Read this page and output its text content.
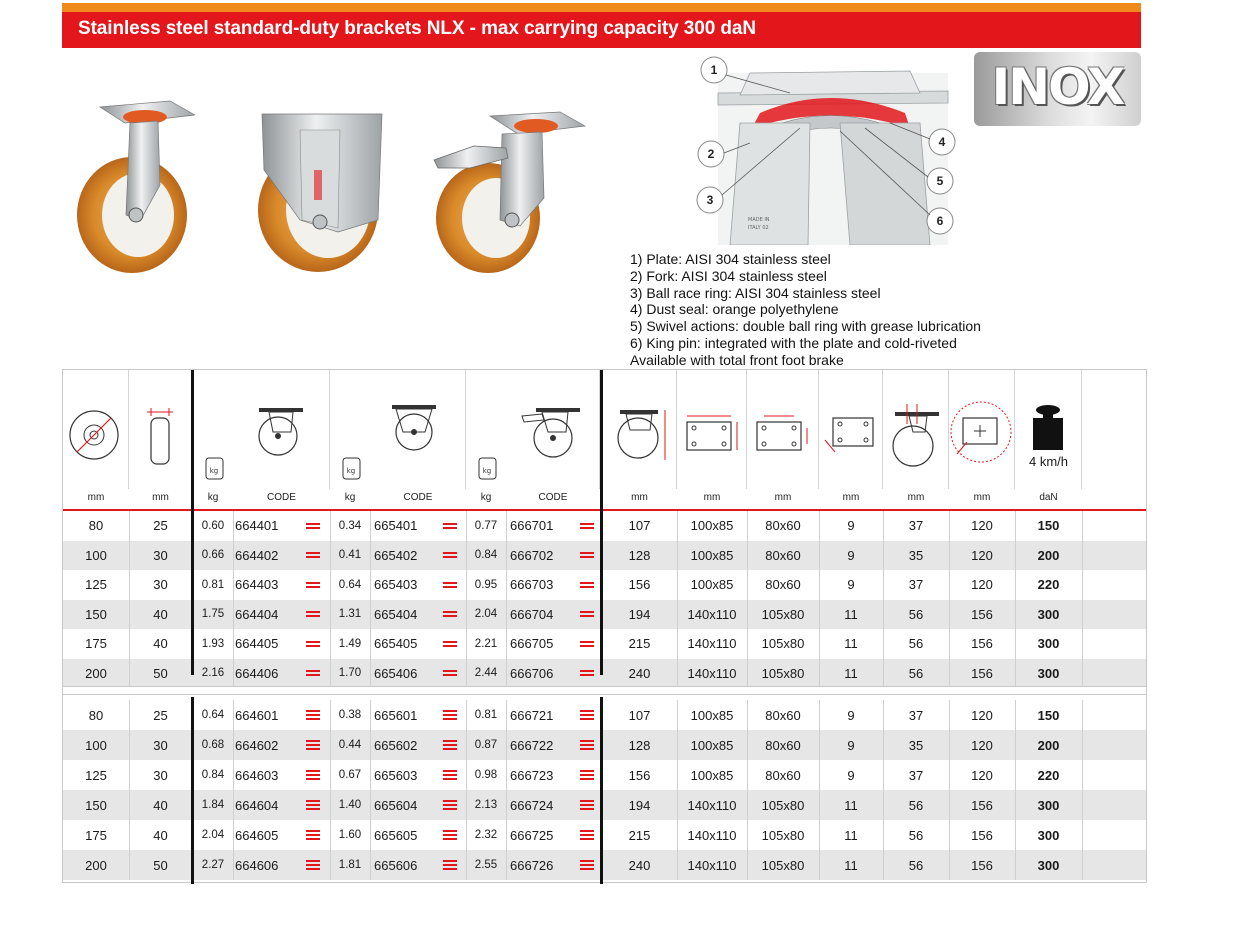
Stainless steel standard-duty brackets NLX - max carrying capacity 300 daN
MADE IN
ITALY 02
1
2
3
4
5
6
INOX
1) Plate: AISI 304 stainless steel
2) Fork: AISI 304 stainless steel
3) Ball race ring: AISI 304 stainless steel
4) Dust seal: orange polyethylene
5) Swivel actions: double ball ring with grease lubrication
6) King pin: integrated with the plate and cold-riveted
Available with total front foot brake
kg	kg	kg
4 km/h
mm	mm	kg	CODE	kg	CODE	kg	CODE	mm	mm	mm	mm	mm	mm	daN
80	25	0.60 664401	0.34 665401	0.77 666701	107	100x85	80x60	9	37	120	150
100	30	0.66 664402	0.41 665402	0.84 666702	128	100x85	80x60	9	35	120	200
125	30	0.81 664403	0.64 665403	0.95 666703	156	100x85	80x60	9	37	120	220
150	40	1.75 664404	1.31 665404	2.04 666704	194	140x110	105x80	11	56	156	300
175	40	1.93 664405	1.49 665405	2.21 666705	215	140x110	105x80	11	56	156	300
200	50	2.16 664406	1.70 665406	2.44 666706	240	140x110	105x80	11	56	156	300
80	25	0.64 664601	0.38 665601	0.81 666721	107	100x85	80x60	9	37	120	150
100	30	0.68 664602	0.44 665602	0.87 666722	128	100x85	80x60	9	35	120	200
125	30	0.84 664603	0.67 665603	0.98 666723	156	100x85	80x60	9	37	120	220
150	40	1.84 664604	1.40 665604	2.13 666724	194	140x110	105x80	11	56	156	300
175	40	2.04 664605	1.60 665605	2.32 666725	215	140x110	105x80	11	56	156	300
200	50	2.27 664606	1.81 665606	2.55 666726	240	140x110	105x80	11	56	156	300
